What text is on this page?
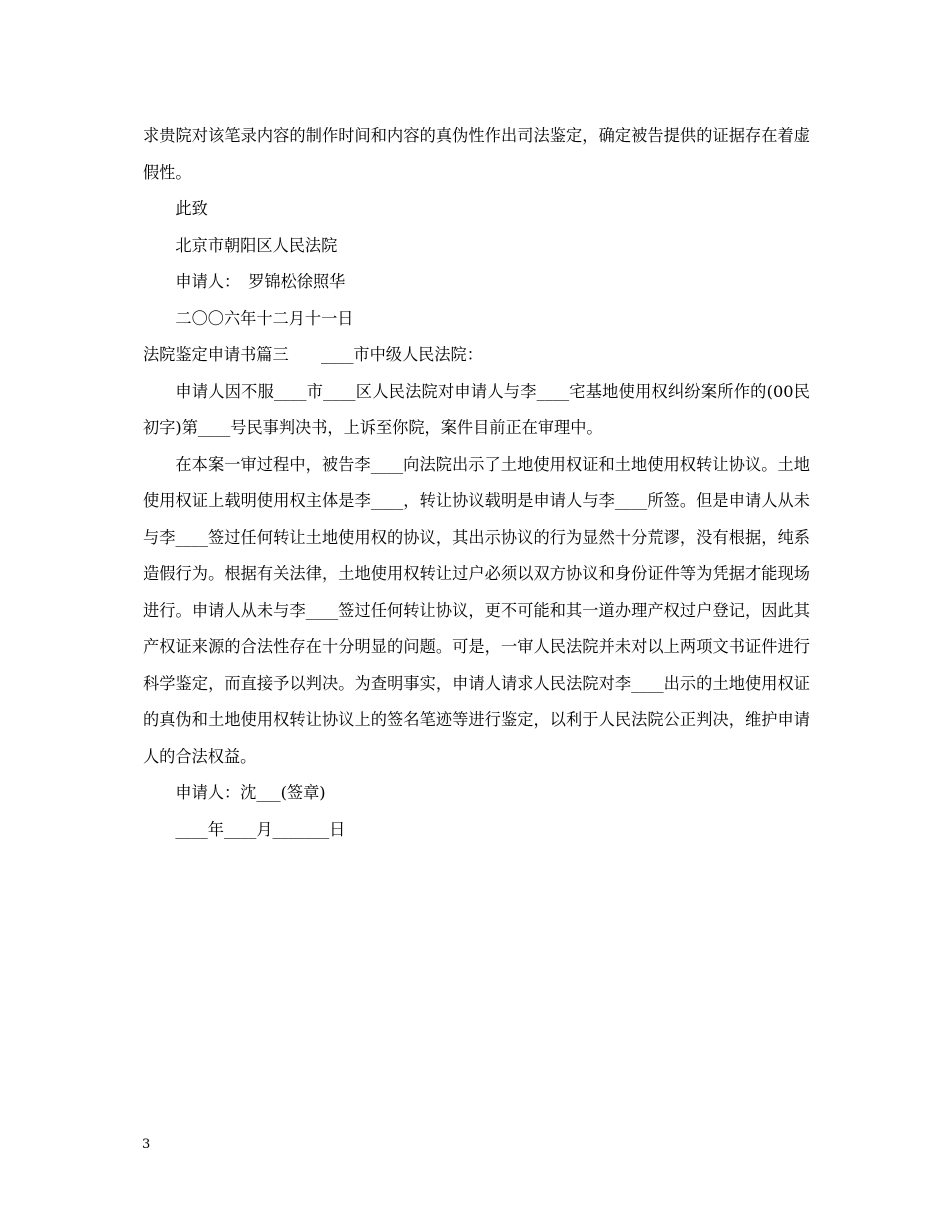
求贵院对该笔录内容的制作时间和内容的真伪性作出司法鉴定，确定被告提供的证据存在着虚假性。

此致

北京市朝阳区人民法院

申请人：　罗锦松徐照华

二〇〇六年十二月十一日

法院鉴定申请书篇三　　____市中级人民法院：

申请人因不服____市____区人民法院对申请人与李____宅基地使用权纠纷案所作的(00民初字)第____号民事判决书，上诉至你院，案件目前正在审理中。

在本案一审过程中，被告李____向法院出示了土地使用权证和土地使用权转让协议。土地使用权证上载明使用权主体是李____，转让协议载明是申请人与李____所签。但是申请人从未与李____签过任何转让土地使用权的协议，其出示协议的行为显然十分荒谬，没有根据，纯系造假行为。根据有关法律，土地使用权转让过户必须以双方协议和身份证件等为凭据才能现场进行。申请人从未与李____签过任何转让协议，更不可能和其一道办理产权过户登记，因此其产权证来源的合法性存在十分明显的问题。可是，一审人民法院并未对以上两项文书证件进行科学鉴定，而直接予以判决。为查明事实，申请人请求人民法院对李____出示的土地使用权证的真伪和土地使用权转让协议上的签名笔迹等进行鉴定，以利于人民法院公正判决，维护申请人的合法权益。

申请人：沈___(签章)

____年____月_______日

3
